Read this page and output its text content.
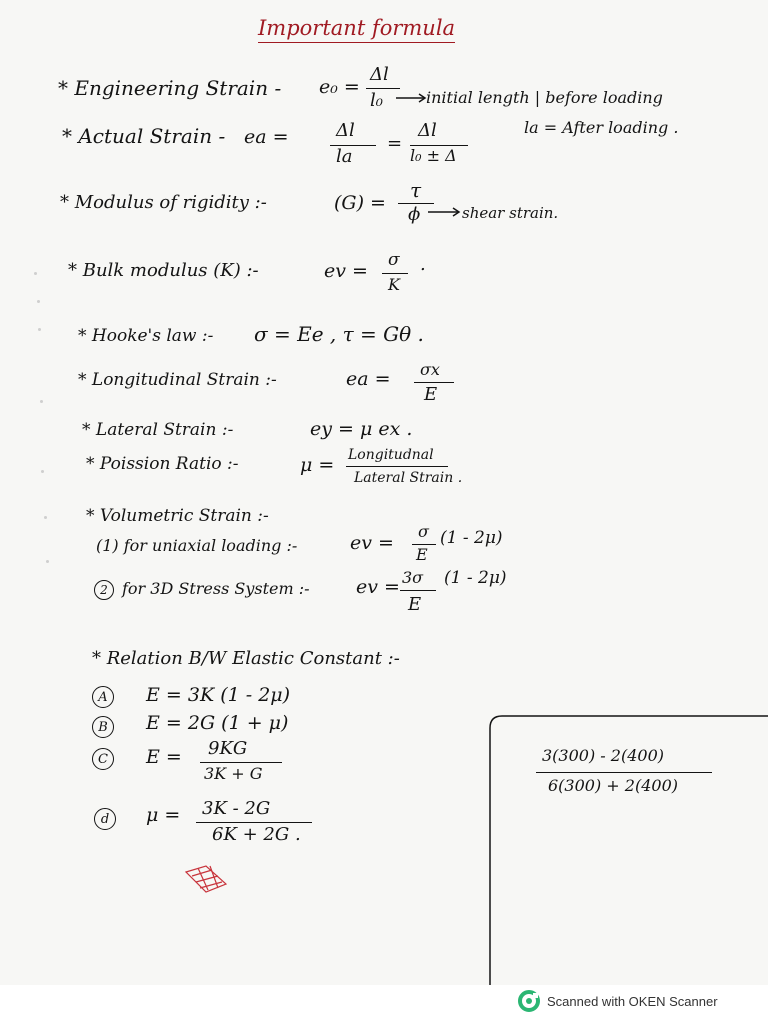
Important formula
* Engineering Strain - e₀ =
Δl
l₀	initial length | before loading
* Actual Strain - ea =	Δl
la
=
Δl
l₀ ± Δ
la = After loading .
* Modulus of rigidity :-	(G) =
τ
ϕ	shear strain.
* Bulk modulus (K) :-	ev = σ
K
.
* Hooke's law :- σ = Ee , τ = Gθ .
* Longitudinal Strain :-	ea = σx
E
* Lateral Strain :-	ey = μ ex .
* Poission Ratio :-	μ = Longitudnal
Lateral Strain .
* Volumetric Strain :-
(1) for uniaxial loading :-	ev =
σ
E
(1 - 2μ)
2 for 3D Stress System :- ev = 3σ
E
(1 - 2μ)
* Relation B/W Elastic Constant :-
A	E = 3K (1 - 2μ)
B	E = 2G (1 + μ)
C	E = 9KG
3K + G
d	μ = 3K - 2G
6K + 2G .
3(300) - 2(400)
6(300) + 2(400)
Scanned with OKEN Scanner
